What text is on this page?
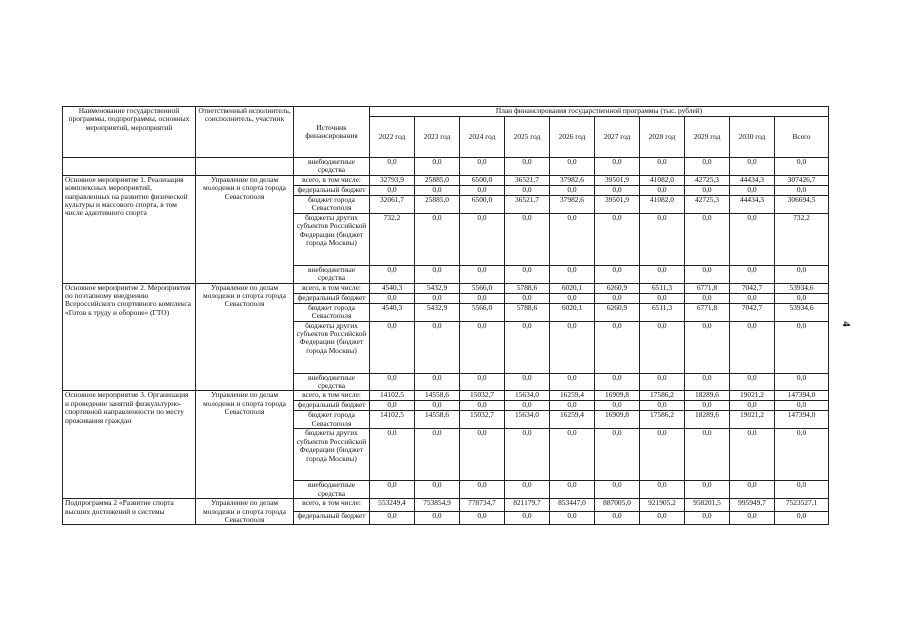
Наименование государственной программы, подпрограммы, основных мероприятий, мероприятий	Ответственный исполнитель, соисполнитель, участник	Источник финансирования	План финансирования государственной программы (тыс. рублей)									
			2022 год	2023 год	2024 год	2025 год	2026 год	2027 год	2028 год	2029 год	2030 год	Всего
		внебюджетные средства	0,0	0,0	0,0	0,0	0,0	0,0	0,0	0,0	0,0	0,0
Основное мероприятие 1. Реализация комплексных мероприятий, направленных на развитие физической культуры и массового спорта, в том числе адаптивного спорта	Управление по делам молодежи и спорта города Севастополя	всего, в том числе:	32793,9	25885,0	6500,0	36521,7	37982,6	39501,9	41082,0	42725,3	44434,3	307426,7
		федеральный бюджет	0,0	0,0	0,0	0,0	0,0	0,0	0,0	0,0	0,0	0,0
		бюджет города Севастополя	32061,7	25885,0	6500,0	36521,7	37982,6	39501,9	41082,0	42725,3	44434,3	306694,5
		бюджеты других субъектов Российской Федерации (бюджет города Москвы)	732,2	0,0	0,0	0,0	0,0	0,0	0,0	0,0	0,0	732,2
		внебюджетные средства	0,0	0,0	0,0	0,0	0,0	0,0	0,0	0,0	0,0	0,0
Основное мероприятие 2. Мероприятия по поэтапному внедрению Всероссийского спортивного комплекса «Готов к труду и обороне» (ГТО)	Управление по делам молодежи и спорта города Севастополя	всего, в том числе:	4540,3	5432,9	5566,0	5788,6	6020,1	6260,9	6511,3	6771,8	7042,7	53934,6
		федеральный бюджет	0,0	0,0	0,0	0,0	0,0	0,0	0,0	0,0	0,0	0,0
		бюджет города Севастополя	4540,3	5432,9	5566,0	5788,6	6020,1	6260,9	6511,3	6771,8	7042,7	53934,6
		бюджеты других субъектов Российской Федерации (бюджет города Москвы)	0,0	0,0	0,0	0,0	0,0	0,0	0,0	0,0	0,0	0,0
		внебюджетные средства	0,0	0,0	0,0	0,0	0,0	0,0	0,0	0,0	0,0	0,0
Основное мероприятие 3. Организация и проведение занятий физкультурно-спортивной направленности по месту проживания граждан	Управление по делам молодежи и спорта города Севастополя	всего, в том числе:	14102,5	14558,6	15032,7	15634,0	16259,4	16909,8	17586,2	18289,6	19021,2	147394,0
		федеральный бюджет	0,0	0,0	0,0	0,0	0,0	0,0	0,0	0,0	0,0	0,0
		бюджет города Севастополя	14102,5	14558,6	15032,7	15634,0	16259,4	16909,8	17586,2	18289,6	19021,2	147394,0
		бюджеты других субъектов Российской Федерации (бюджет города Москвы)	0,0	0,0	0,0	0,0	0,0	0,0	0,0	0,0	0,0	0,0
		внебюджетные средства	0,0	0,0	0,0	0,0	0,0	0,0	0,0	0,0	0,0	0,0
Подпрограмма 2 «Развитие спорта высших достижений и системы	Управление по делам молодежи и спорта города Севастополя	всего, в том числе:	553249,4	753854,9	778734,7	821179,7	853447,0	887005,0	921905,2	958201,5	995949,7	7523527,1
		федеральный бюджет	0,0	0,0	0,0	0,0	0,0	0,0	0,0	0,0	0,0	0,0
4
